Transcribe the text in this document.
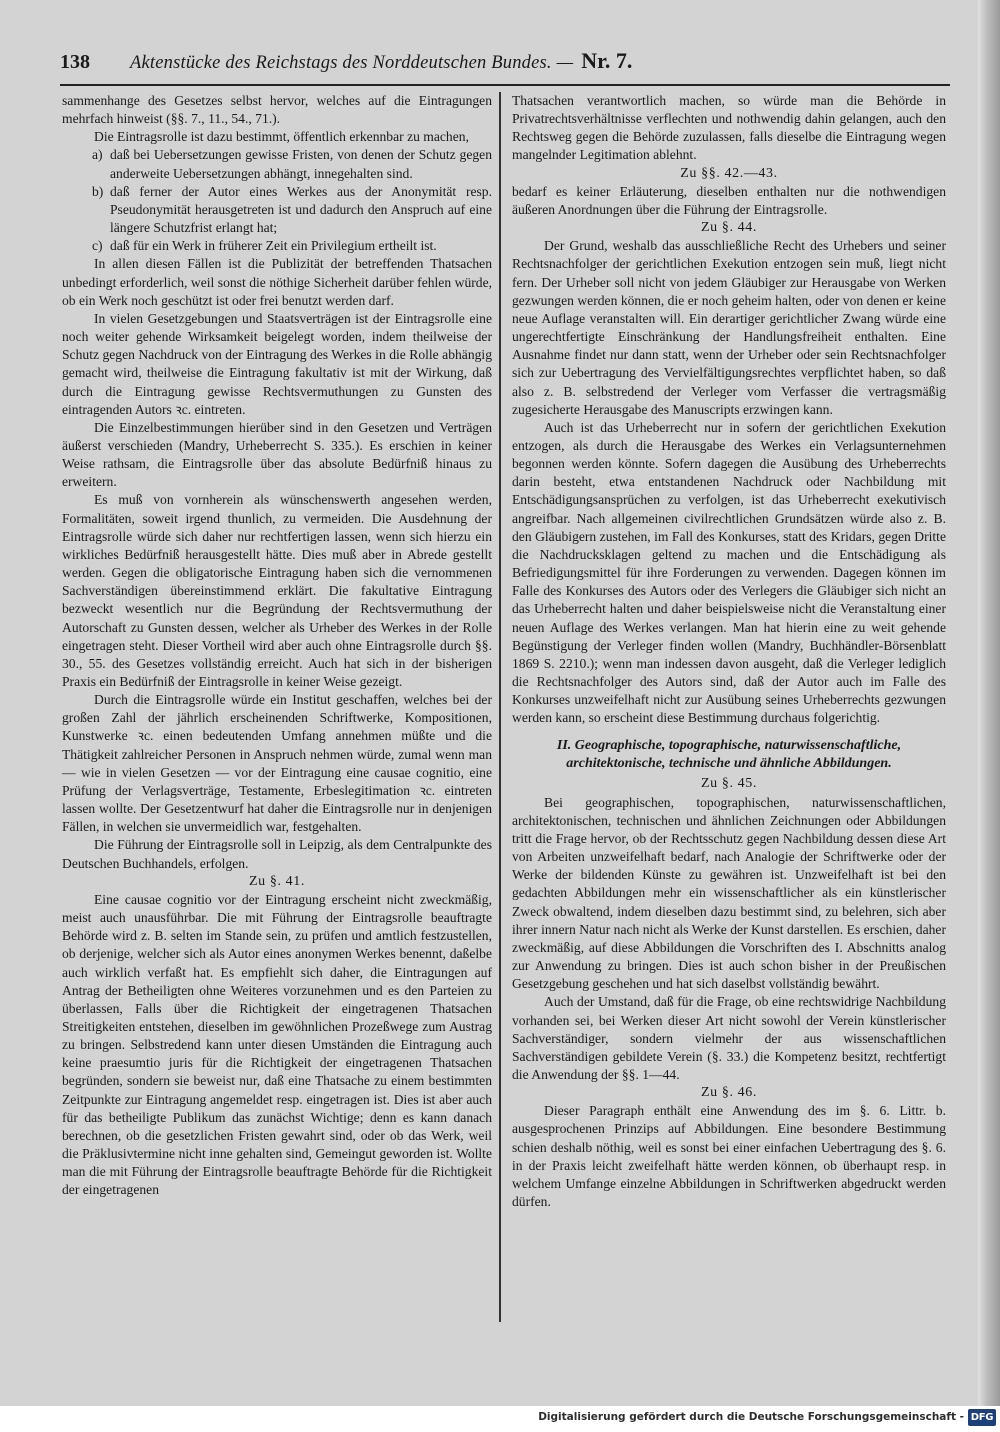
138 Aktenstücke des Reichstags des Norddeutschen Bundes. — Nr. 7.

sammenhange des Gesetzes selbst hervor, welches auf die Eintragungen mehrfach hinweist (§§. 7., 11., 54., 71.).

Die Eintragsrolle ist dazu bestimmt, öffentlich erkennbar zu machen,

a) daß bei Uebersetzungen gewisse Fristen, von denen der Schutz gegen anderweite Uebersetzungen abhängt, innegehalten sind.
b) daß ferner der Autor eines Werkes aus der Anonymität resp. Pseudonymität herausgetreten ist und dadurch den Anspruch auf eine längere Schutzfrist erlangt hat;
c) daß für ein Werk in früherer Zeit ein Privilegium ertheilt ist.

In allen diesen Fällen ist die Publizität der betreffenden Thatsachen unbedingt erforderlich, weil sonst die nöthige Sicherheit darüber fehlen würde, ob ein Werk noch geschützt ist oder frei benutzt werden darf.

In vielen Gesetzgebungen und Staatsverträgen ist der Eintragsrolle eine noch weiter gehende Wirksamkeit beigelegt worden, indem theilweise der Schutz gegen Nachdruck von der Eintragung des Werkes in die Rolle abhängig gemacht wird, theilweise die Eintragung fakultativ ist mit der Wirkung, daß durch die Eintragung gewisse Rechtsvermuthungen zu Gunsten des eintragenden Autors ꝛc. eintreten.

Die Einzelbestimmungen hierüber sind in den Gesetzen und Verträgen äußerst verschieden (Mandry, Urheberrecht S. 335.). Es erschien in keiner Weise rathsam, die Eintragsrolle über das absolute Bedürfniß hinaus zu erweitern.

Es muß von vornherein als wünschenswerth angesehen werden, Formalitäten, soweit irgend thunlich, zu vermeiden. Die Ausdehnung der Eintragsrolle würde sich daher nur rechtfertigen lassen, wenn sich hierzu ein wirkliches Bedürfniß herausgestellt hätte. Dies muß aber in Abrede gestellt werden. Gegen die obligatorische Eintragung haben sich die vernommenen Sachverständigen übereinstimmend erklärt. Die fakultative Eintragung bezweckt wesentlich nur die Begründung der Rechtsvermuthung der Autorschaft zu Gunsten dessen, welcher als Urheber des Werkes in der Rolle eingetragen steht. Dieser Vortheil wird aber auch ohne Eintragsrolle durch §§. 30., 55. des Gesetzes vollständig erreicht. Auch hat sich in der bisherigen Praxis ein Bedürfniß der Eintragsrolle in keiner Weise gezeigt.

Durch die Eintragsrolle würde ein Institut geschaffen, welches bei der großen Zahl der jährlich erscheinenden Schriftwerke, Kompositionen, Kunstwerke ꝛc. einen bedeutenden Umfang annehmen müßte und die Thätigkeit zahlreicher Personen in Anspruch nehmen würde, zumal wenn man — wie in vielen Gesetzen — vor der Eintragung eine causae cognitio, eine Prüfung der Verlagsverträge, Testamente, Erbeslegitimation ꝛc. eintreten lassen wollte. Der Gesetzentwurf hat daher die Eintragsrolle nur in denjenigen Fällen, in welchen sie unvermeidlich war, festgehalten.

Die Führung der Eintragsrolle soll in Leipzig, als dem Centralpunkte des Deutschen Buchhandels, erfolgen.

Zu §. 41.

Eine causae cognitio vor der Eintragung erscheint nicht zweckmäßig, meist auch unausführbar. Die mit Führung der Eintragsrolle beauftragte Behörde wird z. B. selten im Stande sein, zu prüfen und amtlich festzustellen, ob derjenige, welcher sich als Autor eines anonymen Werkes benennt, daßelbe auch wirklich verfaßt hat. Es empfiehlt sich daher, die Eintragungen auf Antrag der Betheiligten ohne Weiteres vorzunehmen und es den Parteien zu überlassen, Falls über die Richtigkeit der eingetragenen Thatsachen Streitigkeiten entstehen, dieselben im gewöhnlichen Prozeßwege zum Austrag zu bringen. Selbstredend kann unter diesen Umständen die Eintragung auch keine praesumtio juris für die Richtigkeit der eingetragenen Thatsachen begründen, sondern sie beweist nur, daß eine Thatsache zu einem bestimmten Zeitpunkte zur Eintragung angemeldet resp. eingetragen ist. Dies ist aber auch für das betheiligte Publikum das zunächst Wichtige; denn es kann danach berechnen, ob die gesetzlichen Fristen gewahrt sind, oder ob das Werk, weil die Präklusivtermine nicht inne gehalten sind, Gemeingut geworden ist. Wollte man die mit Führung der Eintragsrolle beauftragte Behörde für die Richtigkeit der eingetragenen

Thatsachen verantwortlich machen, so würde man die Behörde in Privatrechtsverhältnisse verflechten und nothwendig dahin gelangen, auch den Rechtsweg gegen die Behörde zuzulassen, falls dieselbe die Eintragung wegen mangelnder Legitimation ablehnt.

Zu §§. 42.—43.

bedarf es keiner Erläuterung, dieselben enthalten nur die nothwendigen äußeren Anordnungen über die Führung der Eintragsrolle.

Zu §. 44.

Der Grund, weshalb das ausschließliche Recht des Urhebers und seiner Rechtsnachfolger der gerichtlichen Exekution entzogen sein muß, liegt nicht fern. Der Urheber soll nicht von jedem Gläubiger zur Herausgabe von Werken gezwungen werden können, die er noch geheim halten, oder von denen er keine neue Auflage veranstalten will. Ein derartiger gerichtlicher Zwang würde eine ungerechtfertigte Einschränkung der Handlungsfreiheit enthalten. Eine Ausnahme findet nur dann statt, wenn der Urheber oder sein Rechtsnachfolger sich zur Uebertragung des Vervielfältigungsrechtes verpflichtet haben, so daß also z. B. selbstredend der Verleger vom Verfasser die vertragsmäßig zugesicherte Herausgabe des Manuscripts erzwingen kann.

Auch ist das Urheberrecht nur in sofern der gerichtlichen Exekution entzogen, als durch die Herausgabe des Werkes ein Verlagsunternehmen begonnen werden könnte. Sofern dagegen die Ausübung des Urheberrechts darin besteht, etwa entstandenen Nachdruck oder Nachbildung mit Entschädigungsansprüchen zu verfolgen, ist das Urheberrecht exekutivisch angreifbar. Nach allgemeinen civilrechtlichen Grundsätzen würde also z. B. den Gläubigern zustehen, im Fall des Konkurses, statt des Kridars, gegen Dritte die Nachdrucksklagen geltend zu machen und die Entschädigung als Befriedigungsmittel für ihre Forderungen zu verwenden. Dagegen können im Falle des Konkurses des Autors oder des Verlegers die Gläubiger sich nicht an das Urheberrecht halten und daher beispielsweise nicht die Veranstaltung einer neuen Auflage des Werkes verlangen. Man hat hierin eine zu weit gehende Begünstigung der Verleger finden wollen (Mandry, Buchhändler-Börsenblatt 1869 S. 2210.); wenn man indessen davon ausgeht, daß die Verleger lediglich die Rechtsnachfolger des Autors sind, daß der Autor auch im Falle des Konkurses unzweifelhaft nicht zur Ausübung seines Urheberrechts gezwungen werden kann, so erscheint diese Bestimmung durchaus folgerichtig.

II. Geographische, topographische, naturwissenschaftliche, architektonische, technische und ähnliche Abbildungen.

Zu §. 45.

Bei geographischen, topographischen, naturwissenschaftlichen, architektonischen, technischen und ähnlichen Zeichnungen oder Abbildungen tritt die Frage hervor, ob der Rechtsschutz gegen Nachbildung dessen diese Art von Arbeiten unzweifelhaft bedarf, nach Analogie der Schriftwerke oder der Werke der bildenden Künste zu gewähren ist. Unzweifelhaft ist bei den gedachten Abbildungen mehr ein wissenschaftlicher als ein künstlerischer Zweck obwaltend, indem dieselben dazu bestimmt sind, zu belehren, sich aber ihrer innern Natur nach nicht als Werke der Kunst darstellen. Es erschien, daher zweckmäßig, auf diese Abbildungen die Vorschriften des I. Abschnitts analog zur Anwendung zu bringen. Dies ist auch schon bisher in der Preußischen Gesetzgebung geschehen und hat sich daselbst vollständig bewährt.

Auch der Umstand, daß für die Frage, ob eine rechtswidrige Nachbildung vorhanden sei, bei Werken dieser Art nicht sowohl der Verein künstlerischer Sachverständiger, sondern vielmehr der aus wissenschaftlichen Sachverständigen gebildete Verein (§. 33.) die Kompetenz besitzt, rechtfertigt die Anwendung der §§. 1—44.

Zu §. 46.

Dieser Paragraph enthält eine Anwendung des im §. 6. Littr. b. ausgesprochenen Prinzips auf Abbildungen. Eine besondere Bestimmung schien deshalb nöthig, weil es sonst bei einer einfachen Uebertragung des §. 6. in der Praxis leicht zweifelhaft hätte werden können, ob überhaupt resp. in welchem Umfange einzelne Abbildungen in Schriftwerken abgedruckt werden dürfen.

Digitalisierung gefördert durch die Deutsche Forschungsgemeinschaft - DFG
